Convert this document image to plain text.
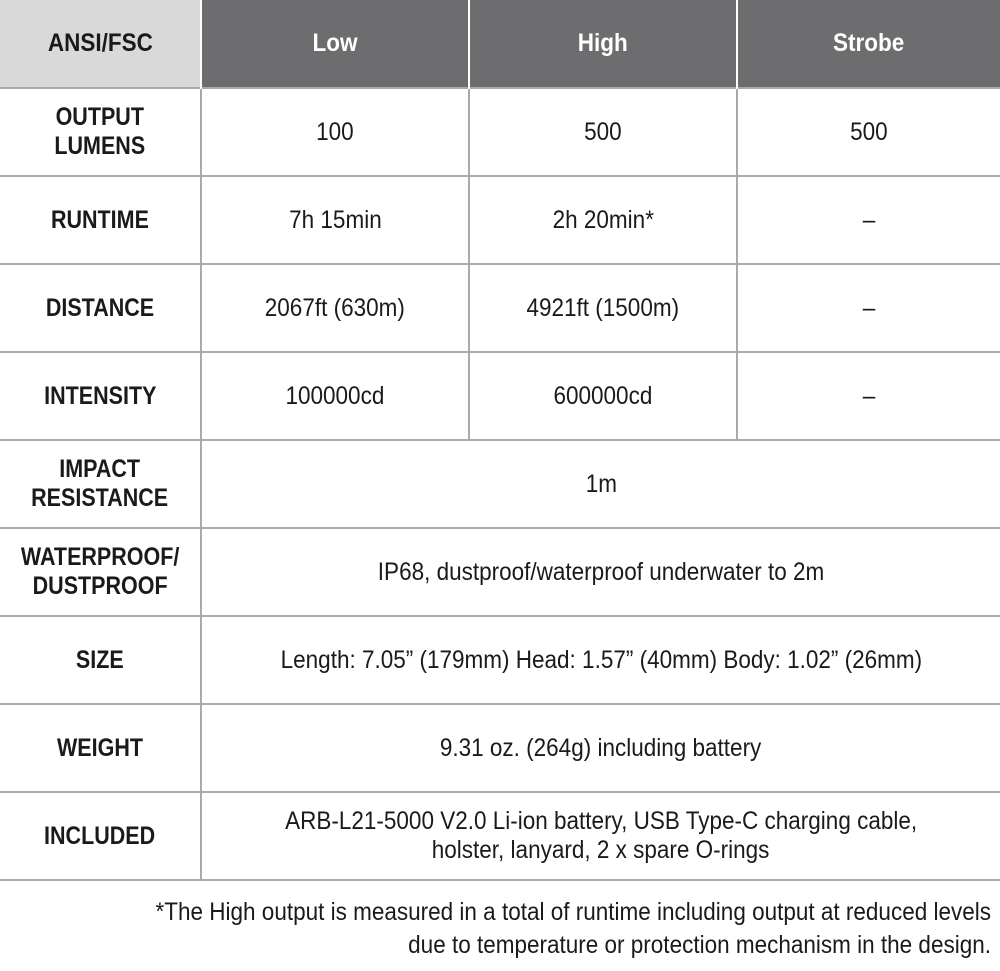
ANSI/FSC	Low	High	Strobe
OUTPUT
LUMENS	100	500	500
RUNTIME	7h 15min	2h 20min*	–
DISTANCE	2067ft (630m)	4921ft (1500m)	–
INTENSITY	100000cd	600000cd	–
IMPACT
RESISTANCE	1m		
WATERPROOF/
DUSTPROOF	IP68, dustproof/waterproof underwater to 2m		
SIZE	Length: 7.05” (179mm) Head: 1.57” (40mm) Body: 1.02” (26mm)		
WEIGHT	9.31 oz. (264g) including battery		
INCLUDED	ARB-L21-5000 V2.0 Li-ion battery, USB Type-C charging cable,
holster, lanyard, 2 x spare O-rings		
*The High output is measured in a total of runtime including output at reduced levels
due to temperature or protection mechanism in the design.
